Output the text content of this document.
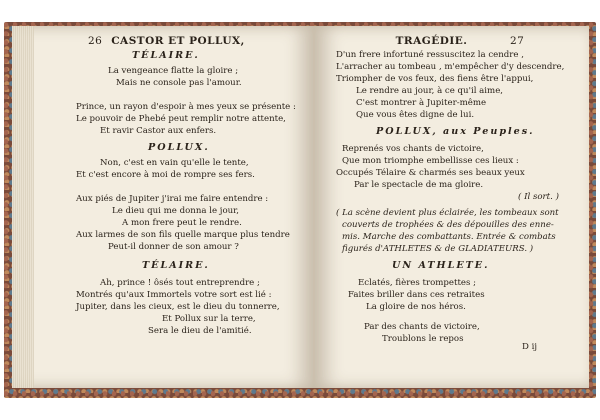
26 CASTOR ET POLLUX,
TÉLAIRE.
La vengeance flatte la gloire ;
Mais ne console pas l'amour.
Prince, un rayon d'espoir à mes yeux se présente :
Le pouvoir de Phebé peut remplir notre attente,
Et ravir Castor aux enfers.
POLLUX.
Non, c'est en vain qu'elle le tente,
Et c'est encore à moi de rompre ses fers.
Aux piés de Jupiter j'irai me faire entendre :
Le dieu qui me donna le jour,
A mon frere peut le rendre.
Aux larmes de son fils quelle marque plus tendre
Peut-il donner de son amour ?
TÉLAIRE.
Ah, prince ! ôsés tout entreprendre ;
Montrés qu'aux Immortels votre sort est lié :
Jupiter, dans les cieux, est le dieu du tonnerre,
Et Pollux sur la terre,
Sera le dieu de l'amitié.
TRAGÉDIE.	27
D'un frere infortuné ressuscitez la cendre ,
L'arracher au tombeau , m'empêcher d'y descendre,
Triompher de vos feux, des fiens être l'appui,
Le rendre au jour, à ce qu'il aime,
C'est montrer à Jupiter-même
Que vous êtes digne de lui.
POLLUX, aux Peuples.
Reprenés vos chants de victoire,
Que mon triomphe embellisse ces lieux :
Occupés Télaire & charmés ses beaux yeux
Par le spectacle de ma gloire.
( Il sort. )
( La scène devient plus éclairée, les tombeaux sont
couverts de trophées & des dépouilles des enne-
mis. Marche des combattants. Entrée & combats
figurés d'ATHLETES & de GLADIATEURS. )
UN ATHLETE.
Eclatés, fières trompettes ;
Faites briller dans ces retraites
La gloire de nos héros.
Par des chants de victoire,
Troublons le repos
D ij
